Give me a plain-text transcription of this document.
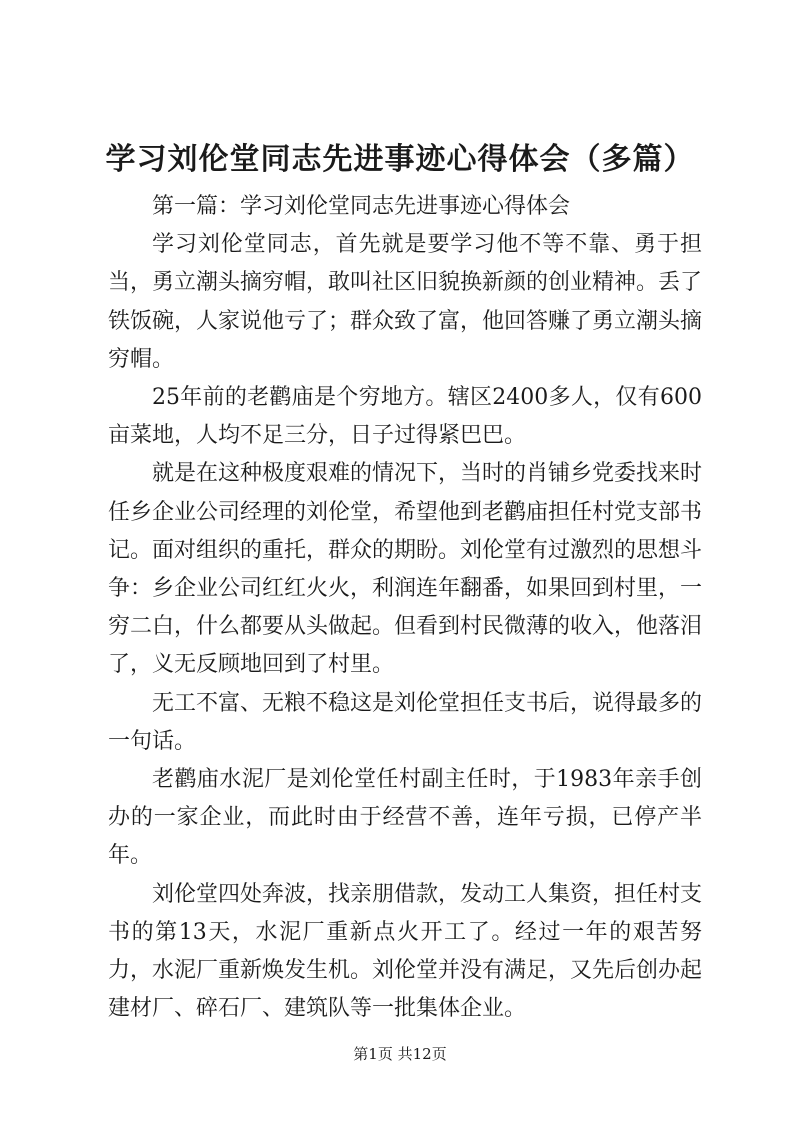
学习刘伦堂同志先进事迹心得体会（多篇）

第一篇：学习刘伦堂同志先进事迹心得体会

学习刘伦堂同志，首先就是要学习他不等不靠、勇于担当，勇立潮头摘穷帽，敢叫社区旧貌换新颜的创业精神。丢了铁饭碗，人家说他亏了；群众致了富，他回答赚了勇立潮头摘穷帽。

25年前的老鹳庙是个穷地方。辖区2400多人，仅有600亩菜地，人均不足三分，日子过得紧巴巴。

就是在这种极度艰难的情况下，当时的肖铺乡党委找来时任乡企业公司经理的刘伦堂，希望他到老鹳庙担任村党支部书记。面对组织的重托，群众的期盼。刘伦堂有过激烈的思想斗争：乡企业公司红红火火，利润连年翻番，如果回到村里，一穷二白，什么都要从头做起。但看到村民微薄的收入，他落泪了，义无反顾地回到了村里。

无工不富、无粮不稳这是刘伦堂担任支书后，说得最多的一句话。

老鹳庙水泥厂是刘伦堂任村副主任时，于1983年亲手创办的一家企业，而此时由于经营不善，连年亏损，已停产半年。

刘伦堂四处奔波，找亲朋借款，发动工人集资，担任村支书的第13天，水泥厂重新点火开工了。经过一年的艰苦努力，水泥厂重新焕发生机。刘伦堂并没有满足，又先后创办起建材厂、碎石厂、建筑队等一批集体企业。

第1页 共12页
